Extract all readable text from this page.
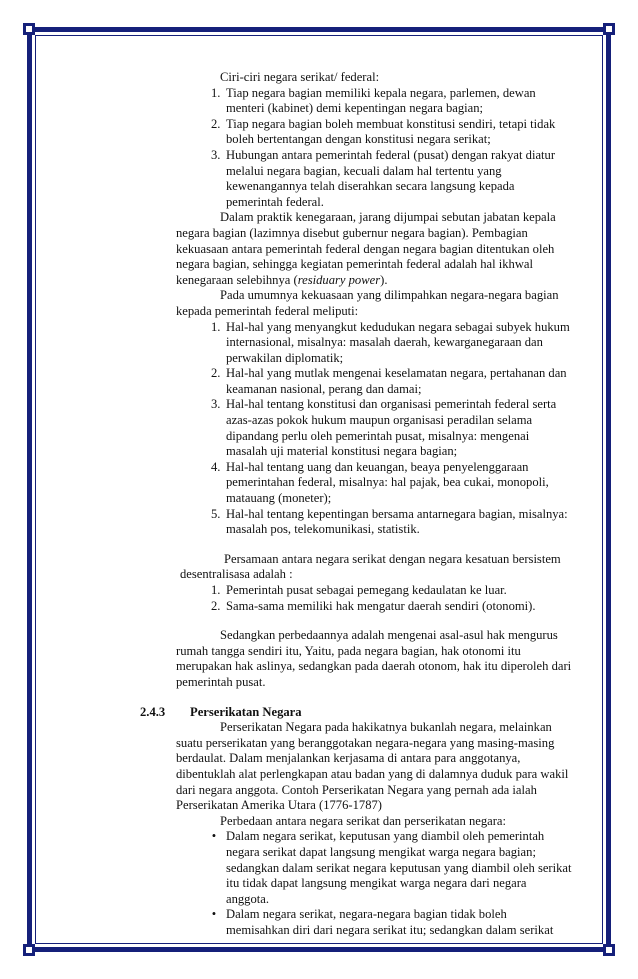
Ciri-ciri negara serikat/ federal:

1. Tiap negara bagian memiliki kepala negara, parlemen, dewan menteri (kabinet) demi kepentingan negara bagian;
2. Tiap negara bagian boleh membuat konstitusi sendiri, tetapi tidak boleh bertentangan dengan konstitusi negara serikat;
3. Hubungan antara pemerintah federal (pusat) dengan rakyat diatur melalui negara bagian, kecuali dalam hal tertentu yang kewenangannya telah diserahkan secara langsung kepada pemerintah federal.

Dalam praktik kenegaraan, jarang dijumpai sebutan jabatan kepala negara bagian (lazimnya disebut gubernur negara bagian). Pembagian kekuasaan antara pemerintah federal dengan negara bagian ditentukan oleh negara bagian, sehingga kegiatan pemerintah federal adalah hal ikhwal kenegaraan selebihnya (residuary power).

Pada umumnya kekuasaan yang dilimpahkan negara-negara bagian kepada pemerintah federal meliputi:

1. Hal-hal yang menyangkut kedudukan negara sebagai subyek hukum internasional, misalnya: masalah daerah, kewarganegaraan dan perwakilan diplomatik;
2. Hal-hal yang mutlak mengenai keselamatan negara, pertahanan dan keamanan nasional, perang dan damai;
3. Hal-hal tentang konstitusi dan organisasi pemerintah federal serta azas-azas pokok hukum maupun organisasi peradilan selama dipandang perlu oleh pemerintah pusat, misalnya: mengenai masalah uji material konstitusi negara bagian;
4. Hal-hal tentang uang dan keuangan, beaya penyelenggaraan pemerintahan federal, misalnya: hal pajak, bea cukai, monopoli, matauang (moneter);
5. Hal-hal tentang kepentingan bersama antarnegara bagian, misalnya: masalah pos, telekomunikasi, statistik.

Persamaan antara negara serikat dengan negara kesatuan bersistem desentralisasa adalah :

1. Pemerintah pusat sebagai pemegang kedaulatan ke luar.
2. Sama-sama memiliki hak mengatur daerah sendiri (otonomi).

Sedangkan perbedaannya adalah mengenai asal-asul hak mengurus rumah tangga sendiri itu, Yaitu, pada negara bagian, hak otonomi itu merupakan hak aslinya, sedangkan pada daerah otonom, hak itu diperoleh dari pemerintah pusat.

2.4.3	Perserikatan Negara

Perserikatan Negara pada hakikatnya bukanlah negara, melainkan suatu perserikatan yang beranggotakan negara-negara yang masing-masing berdaulat. Dalam menjalankan kerjasama di antara para anggotanya, dibentuklah alat perlengkapan atau badan yang di dalamnya duduk para wakil dari negara anggota. Contoh Perserikatan Negara yang pernah ada ialah Perserikatan Amerika Utara (1776-1787)

Perbedaan antara negara serikat dan perserikatan negara:

• Dalam negara serikat, keputusan yang diambil oleh pemerintah negara serikat dapat langsung mengikat warga negara bagian; sedangkan dalam serikat negara keputusan yang diambil oleh serikat itu tidak dapat langsung mengikat warga negara dari negara anggota.
• Dalam negara serikat, negara-negara bagian tidak boleh memisahkan diri dari negara serikat itu; sedangkan dalam serikat
